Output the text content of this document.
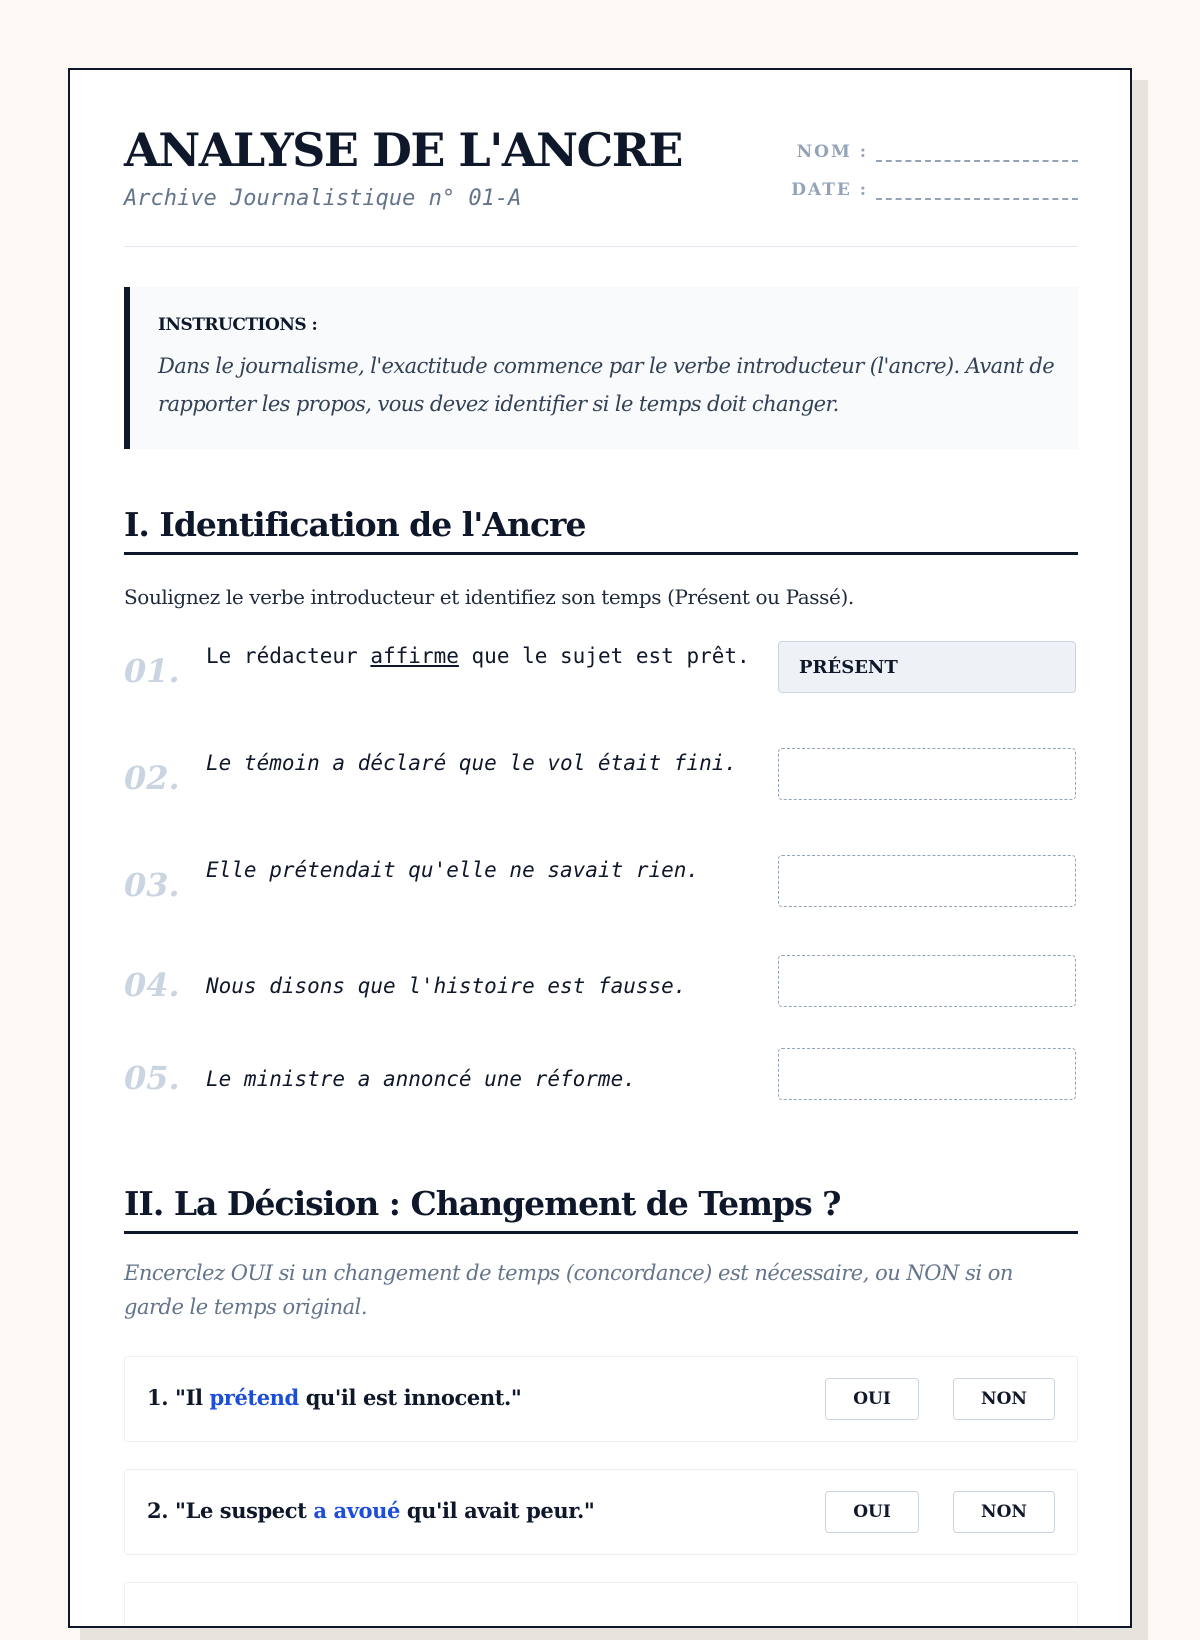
ANALYSE DE L'ANCRE
Archive Journalistique n° 01-A
NOM :
DATE :
INSTRUCTIONS :
Dans le journalisme, l'exactitude commence par le verbe introducteur (l'ancre). Avant de rapporter les propos, vous devez identifier si le temps doit changer.
I. Identification de l'Ancre
Soulignez le verbe introducteur et identifiez son temps (Présent ou Passé).
01. Le rédacteur affirme que le sujet est prêt.	PRÉSENT
02. Le témoin a déclaré que le vol était fini.
03. Elle prétendait qu'elle ne savait rien.
04. Nous disons que l'histoire est fausse.
05. Le ministre a annoncé une réforme.
II. La Décision : Changement de Temps ?
Encerclez OUI si un changement de temps (concordance) est nécessaire, ou NON si on garde le temps original.
1. "Il prétend qu'il est innocent."	OUI	NON
2. "Le suspect a avoué qu'il avait peur."	OUI	NON
